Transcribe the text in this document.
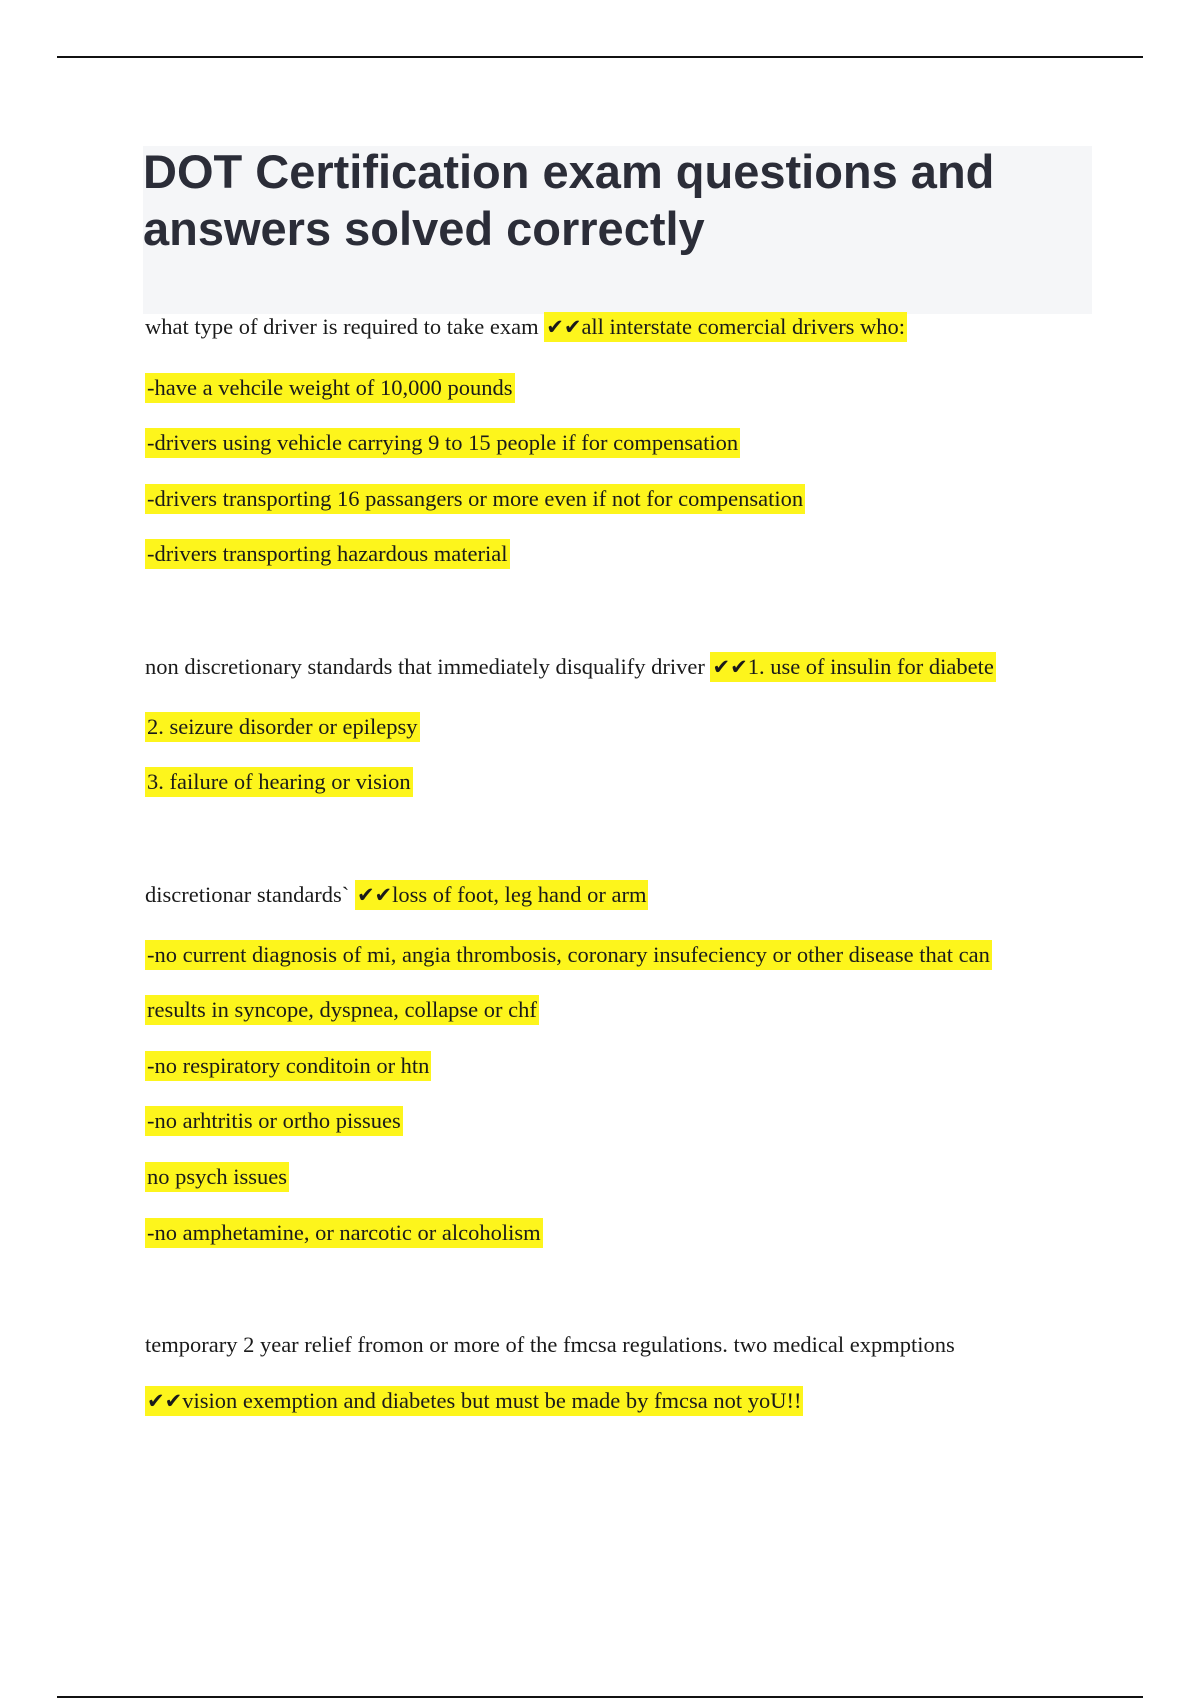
DOT Certification exam questions and answers solved correctly

what type of driver is required to take exam ✔✔all interstate comercial drivers who:

-have a vehcile weight of 10,000 pounds

-drivers using vehicle carrying 9 to 15 people if for compensation

-drivers transporting 16 passangers or more even if not for compensation

-drivers transporting hazardous material

non discretionary standards that immediately disqualify driver ✔✔1. use of insulin for diabete

2. seizure disorder or epilepsy

3. failure of hearing or vision

discretionar standards` ✔✔loss of foot, leg hand or arm

-no current diagnosis of mi, angia thrombosis, coronary insufeciency or other disease that can

results in syncope, dyspnea, collapse or chf

-no respiratory conditoin or htn

-no arhtritis or ortho pissues

no psych issues

-no amphetamine, or narcotic or alcoholism

temporary 2 year relief fromon or more of the fmcsa regulations. two medical expmptions

✔✔vision exemption and diabetes but must be made by fmcsa not yoU!!
